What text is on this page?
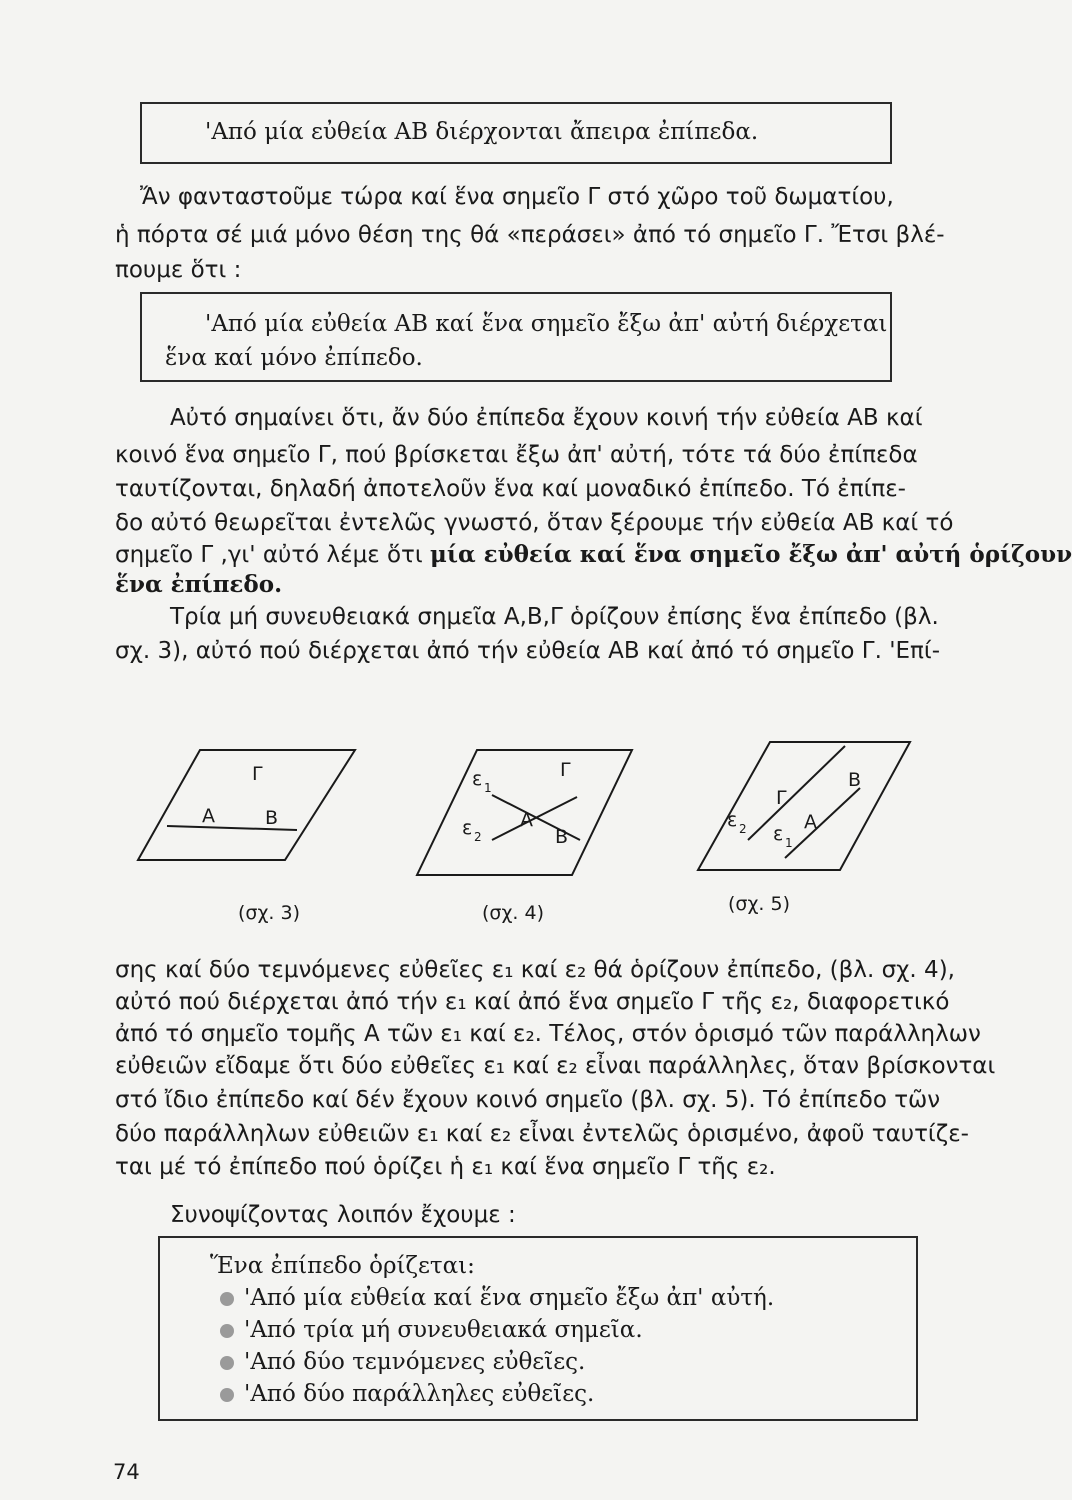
'Από μία εὐθεία ΑΒ διέρχονται ἄπειρα ἐπίπεδα.
Ἄν φανταστοῦμε τώρα καί ἕνα σημεῖο Γ στό χῶρο τοῦ δωματίου,
ἡ πόρτα σέ μιά μόνο θέση της θά «περάσει» ἀπό τό σημεῖο Γ. Ἔτσι βλέ-
πουμε ὅτι :
'Από μία εὐθεία ΑΒ καί ἕνα σημεῖο ἔξω ἀπ' αὐτή διέρχεται
ἕνα καί μόνο ἐπίπεδο.
Αὐτό σημαίνει ὅτι, ἄν δύο ἐπίπεδα ἔχουν κοινή τήν εὐθεία ΑΒ καί
κοινό ἕνα σημεῖο Γ, πού βρίσκεται ἔξω ἀπ' αὐτή, τότε τά δύο ἐπίπεδα
ταυτίζονται, δηλαδή ἀποτελοῦν ἕνα καί μοναδικό ἐπίπεδο. Τό ἐπίπε-
δο αὐτό θεωρεῖται ἐντελῶς γνωστό, ὅταν ξέρουμε τήν εὐθεία ΑΒ καί τό
σημεῖο Γ ,γι' αὐτό λέμε ὅτι μία εὐθεία καί ἕνα σημεῖο ἔξω ἀπ' αὐτή ὁρίζουν
ἕνα ἐπίπεδο.
Τρία μή συνευθειακά σημεῖα Α,Β,Γ ὁρίζουν ἐπίσης ἕνα ἐπίπεδο (βλ.
σχ. 3), αὐτό πού διέρχεται ἀπό τήν εὐθεία ΑΒ καί ἀπό τό σημεῖο Γ. 'Επί-
Γ
Α	Β
(σχ. 3)
ε 1
ε 2
Γ
Α
Β
(σχ. 4)
Β
Γ
ε 2 ε 1
Α
(σχ. 5)
σης καί δύο τεμνόμενες εὐθεῖες ε₁ καί ε₂ θά ὁρίζουν ἐπίπεδο, (βλ. σχ. 4),
αὐτό πού διέρχεται ἀπό τήν ε₁ καί ἀπό ἕνα σημεῖο Γ τῆς ε₂, διαφορετικό
ἀπό τό σημεῖο τομῆς Α τῶν ε₁ καί ε₂. Τέλος, στόν ὁρισμό τῶν παράλληλων
εὐθειῶν εἴδαμε ὅτι δύο εὐθεῖες ε₁ καί ε₂ εἶναι παράλληλες, ὅταν βρίσκονται
στό ἴδιο ἐπίπεδο καί δέν ἔχουν κοινό σημεῖο (βλ. σχ. 5). Τό ἐπίπεδο τῶν
δύο παράλληλων εὐθειῶν ε₁ καί ε₂ εἶναι ἐντελῶς ὁρισμένο, ἀφοῦ ταυτίζε-
ται μέ τό ἐπίπεδο πού ὁρίζει ἡ ε₁ καί ἕνα σημεῖο Γ τῆς ε₂.
Συνοψίζοντας λοιπόν ἔχουμε :
Ἕνα ἐπίπεδο ὁρίζεται:
'Από μία εὐθεία καί ἕνα σημεῖο ἔξω ἀπ' αὐτή.
'Από τρία μή συνευθειακά σημεῖα.
'Από δύο τεμνόμενες εὐθεῖες.
'Από δύο παράλληλες εὐθεῖες.
74
